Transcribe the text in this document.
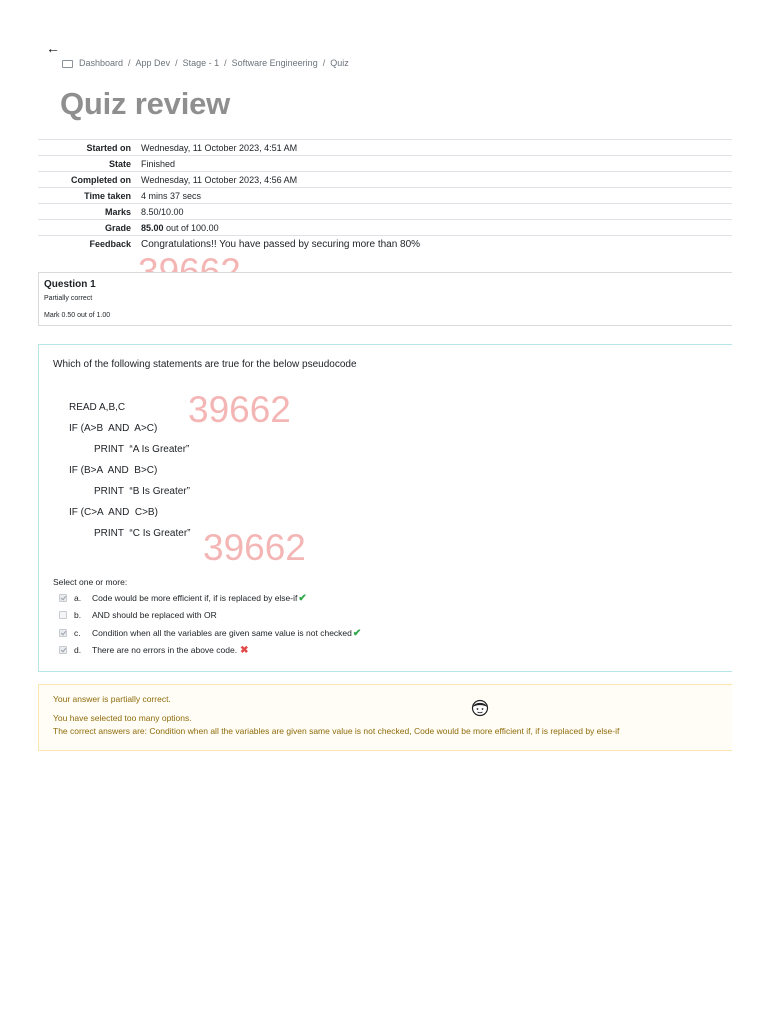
←
Dashboard / App Dev / Stage - 1 / Software Engineering / Quiz
Quiz review
Started on	Wednesday, 11 October 2023, 4:51 AM
State	Finished
Completed on	Wednesday, 11 October 2023, 4:56 AM
Time taken	4 mins 37 secs
Marks	8.50/10.00
Grade	85.00 out of 100.00
Feedback	Congratulations!! You have passed by securing more than 80%
Question 1
Partially correct
Mark 0.50 out of 1.00
Which of the following statements are true for the below pseudocode
READ A,B,C
IF (A>B  AND  A>C)
PRINT  “A Is Greater”
IF (B>A  AND  B>C)
PRINT  “B Is Greater”
IF (C>A  AND  C>B)
PRINT  “C Is Greater”
Select one or more:
a.	Code would be more efficient if, if is replaced by else-if ✔
b.	AND should be replaced with OR
c.	Condition when all the variables are given same value is not checked ✔
d.	There are no errors in the above code. ✖
39662
39662
Your answer is partially correct.
You have selected too many options.
The correct answers are: Condition when all the variables are given same value is not checked, Code would be more efficient if, if is replaced by else-if
